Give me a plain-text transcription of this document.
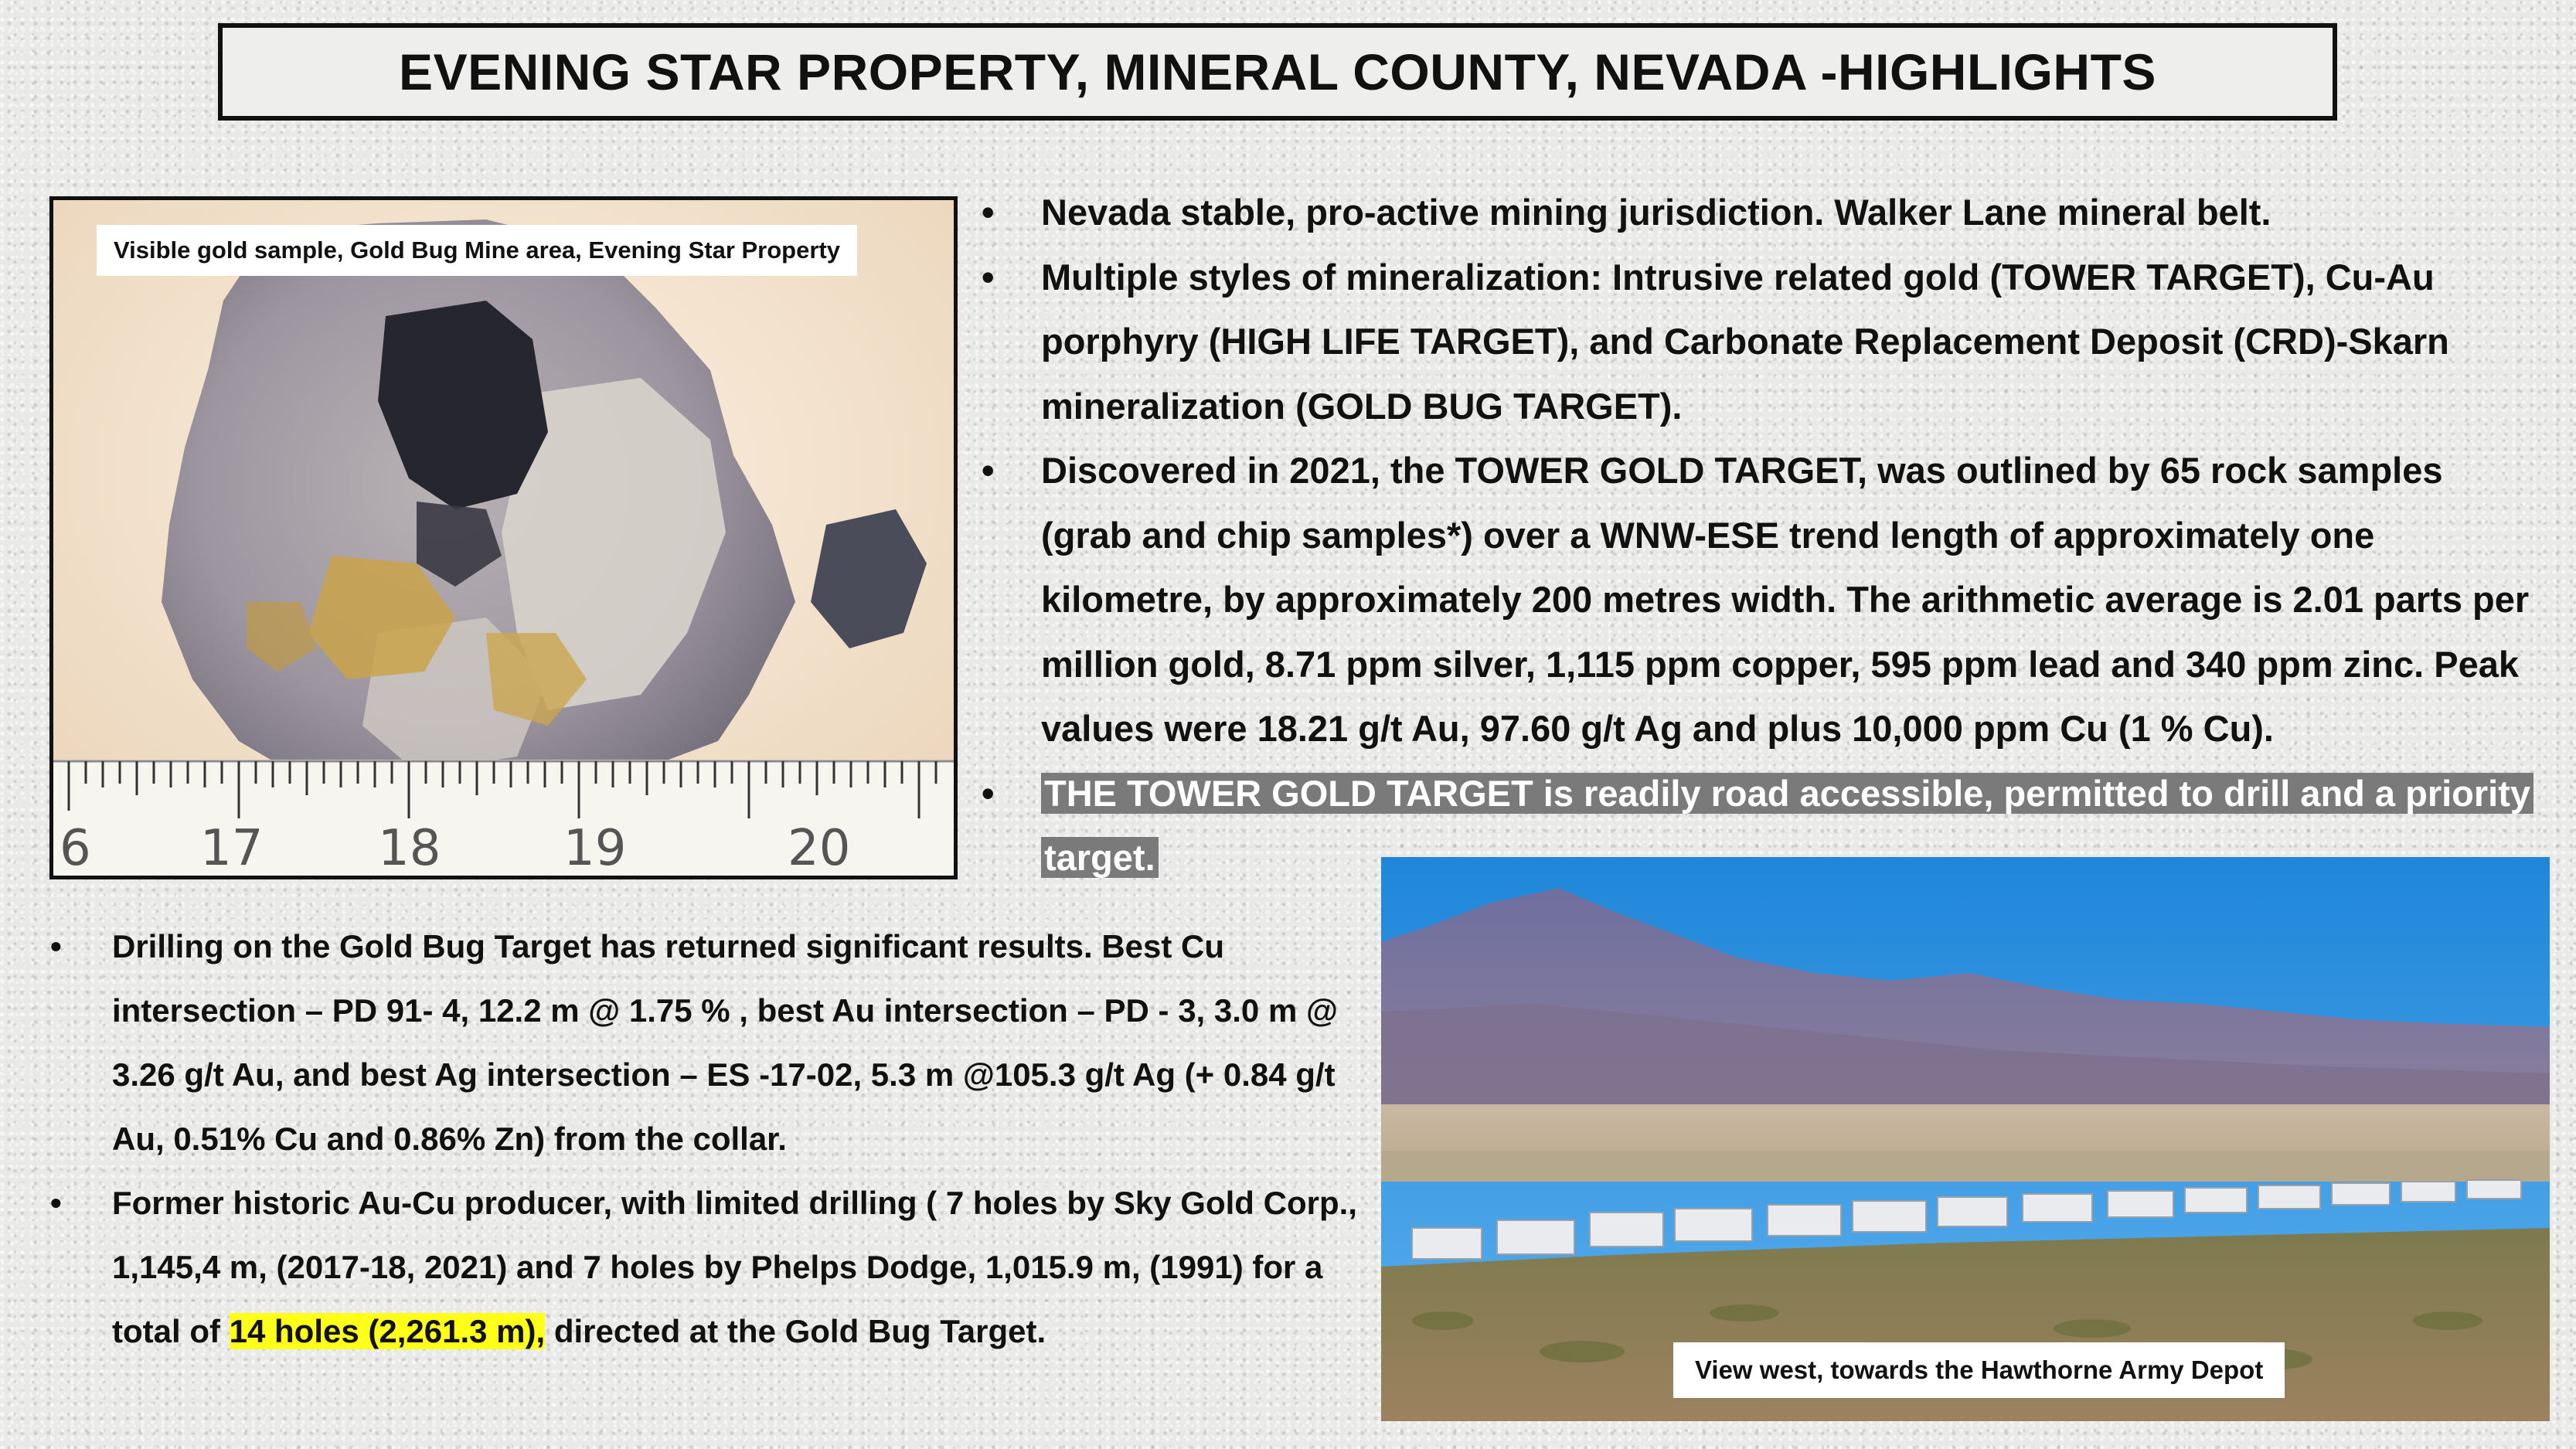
EVENING STAR PROPERTY, MINERAL COUNTY, NEVADA -HIGHLIGHTS
6 17 18 19	20
Visible gold sample, Gold Bug Mine area, Evening Star Property
• Nevada stable, pro-active mining jurisdiction. Walker Lane mineral belt.
• Multiple styles of mineralization: Intrusive related gold (TOWER TARGET), Cu-Au porphyry (HIGH LIFE TARGET), and Carbonate Replacement Deposit (CRD)-Skarn mineralization (GOLD BUG TARGET).
• Discovered in 2021, the TOWER GOLD TARGET, was outlined by 65 rock samples (grab and chip samples*) over a WNW-ESE trend length of approximately one kilometre, by approximately 200 metres width. The arithmetic average is 2.01 parts per million gold, 8.71 ppm silver, 1,115 ppm copper, 595 ppm lead and 340 ppm zinc. Peak values were 18.21 g/t Au, 97.60 g/t Ag and plus 10,000 ppm Cu (1 % Cu).
• THE TOWER GOLD TARGET is readily road accessible, permitted to drill and a priority target.
• Drilling on the Gold Bug Target has returned significant results. Best Cu intersection – PD 91- 4, 12.2 m @ 1.75 % , best Au intersection – PD - 3, 3.0 m @ 3.26 g/t Au, and best Ag intersection – ES -17-02, 5.3 m @105.3 g/t Ag (+ 0.84 g/t Au, 0.51% Cu and 0.86% Zn) from the collar.
• Former historic Au-Cu producer, with limited drilling ( 7 holes by Sky Gold Corp., 1,145,4 m, (2017-18, 2021) and 7 holes by Phelps Dodge, 1,015.9 m, (1991) for a total of 14 holes (2,261.3 m), directed at the Gold Bug Target.
View west, towards the Hawthorne Army Depot
